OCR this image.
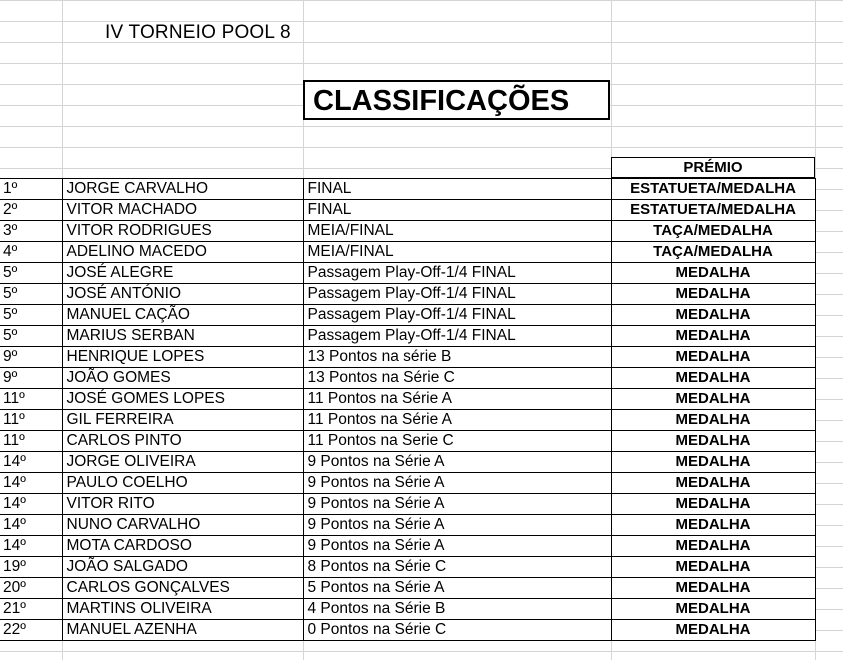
IV TORNEIO POOL 8
CLASSIFICAÇÕES
PRÉMIO
1º	JORGE CARVALHO	FINAL	ESTATUETA/MEDALHA
2º	VITOR MACHADO	FINAL	ESTATUETA/MEDALHA
3º	VITOR RODRIGUES	MEIA/FINAL	TAÇA/MEDALHA
4º	ADELINO MACEDO	MEIA/FINAL	TAÇA/MEDALHA
5º	JOSÉ ALEGRE	Passagem Play-Off-1/4 FINAL	MEDALHA
5º	JOSÉ ANTÓNIO	Passagem Play-Off-1/4 FINAL	MEDALHA
5º	MANUEL CAÇÃO	Passagem Play-Off-1/4 FINAL	MEDALHA
5º	MARIUS SERBAN	Passagem Play-Off-1/4 FINAL	MEDALHA
9º	HENRIQUE LOPES	13 Pontos na série B	MEDALHA
9º	JOÃO GOMES	13 Pontos na Série C	MEDALHA
11º	JOSÉ GOMES LOPES	11 Pontos na Série A	MEDALHA
11º	GIL FERREIRA	11 Pontos na Série A	MEDALHA
11º	CARLOS PINTO	11 Pontos na Serie C	MEDALHA
14º	JORGE OLIVEIRA	9 Pontos na Série A	MEDALHA
14º	PAULO COELHO	9 Pontos na Série A	MEDALHA
14º	VITOR RITO	9 Pontos na Série A	MEDALHA
14º	NUNO CARVALHO	9 Pontos na Série A	MEDALHA
14º	MOTA CARDOSO	9 Pontos na Série A	MEDALHA
19º	JOÃO SALGADO	8 Pontos na Série C	MEDALHA
20º	CARLOS GONÇALVES	5 Pontos na Série A	MEDALHA
21º	MARTINS OLIVEIRA	4 Pontos na Série B	MEDALHA
22º	MANUEL AZENHA	0 Pontos na Série C	MEDALHA
